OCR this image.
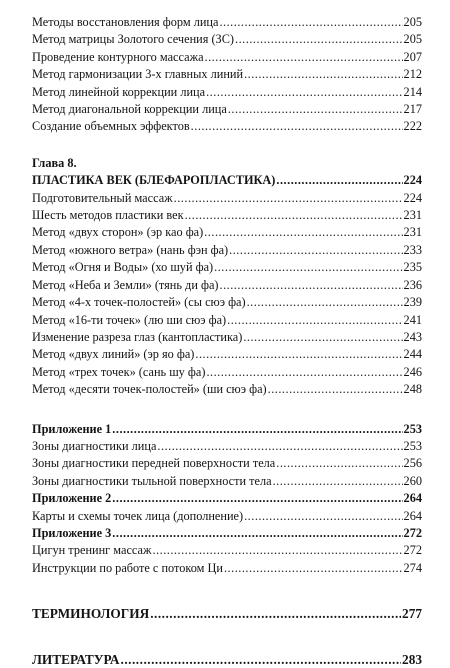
Методы восстановления форм лица .....	205
Метод матрицы Золотого сечения (ЗС) .....	205
Проведение контурного массажа .....	207
Метод гармонизации 3-х главных линий .....	212
Метод линейной коррекции лица .....	214
Метод диагональной коррекции лица .....	217
Создание объемных эффектов .....	222
Глава 8.
ПЛАСТИКА ВЕК (БЛЕФАРОПЛАСТИКА) .....	224
Подготовительный массаж .....	224
Шесть методов пластики век .....	231
Метод «двух сторон» (эр као фа) .....	231
Метод «южного ветра» (нань фэн фа) .....	233
Метод «Огня и Воды» (хо шуй фа) .....	235
Метод «Неба и Земли» (тянь ди фа) .....	236
Метод «4-х точек-полостей» (сы сюэ фа) .....	239
Метод «16-ти точек» (лю ши сюэ фа) .....	241
Изменение разреза глаз (кантопластика) .....	243
Метод «двух линий» (эр яо фа) .....	244
Метод «трех точек» (сань шу фа) .....	246
Метод «десяти точек-полостей» (ши сюэ фа) .....	248
Приложение 1 .....	253
Зоны диагностики лица .....	253
Зоны диагностики передней поверхности тела .....	256
Зоны диагностики тыльной поверхности тела .....	260
Приложение 2 .....	264
Карты и схемы точек лица (дополнение) .....	264
Приложение 3 .....	272
Цигун тренинг массаж .....	272
Инструкции по работе с потоком Ци .....	274
ТЕРМИНОЛОГИЯ .....	277
ЛИТЕРАТУРА .....	283
